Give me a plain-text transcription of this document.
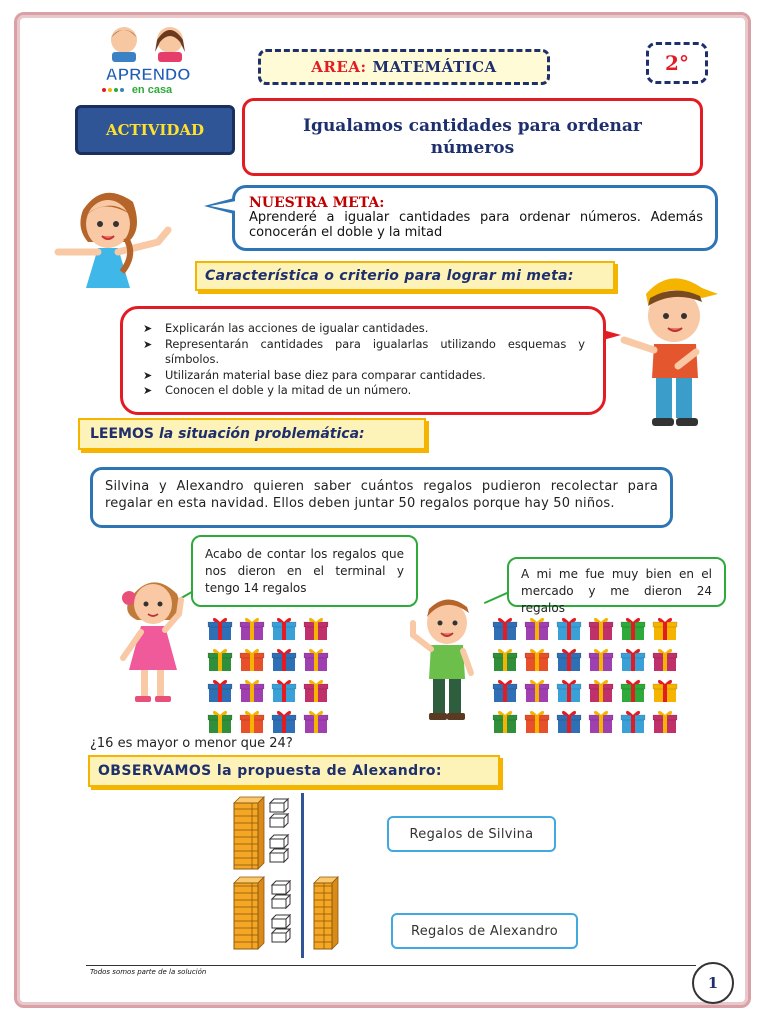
APRENDO
en casa
AREA: MATEMÁTICA	2°
ACTIVIDAD	Igualamos cantidades para ordenar números
NUESTRA META:
Aprenderé a igualar cantidades para ordenar números. Además conocerán el doble y la mitad
Característica o criterio para lograr mi meta:
➤ Explicarán las acciones de igualar cantidades.
➤ Representarán cantidades para igualarlas utilizando esquemas y símbolos.
➤ Utilizarán material base diez para comparar cantidades.
➤ Conocen el doble y la mitad de un número.
LEEMOS la situación problemática:
Silvina y Alexandro quieren saber cuántos regalos pudieron recolectar para regalar en esta navidad. Ellos deben juntar 50 regalos porque hay 50 niños.
Acabo de contar los regalos que nos dieron en el terminal y tengo 14 regalos
A mi me fue muy bien en el mercado y me dieron 24 regalos
¿16 es mayor o menor que 24?
OBSERVAMOS la propuesta de Alexandro:
Regalos de Silvina
Regalos de Alexandro
Todos somos parte de la solución
1
